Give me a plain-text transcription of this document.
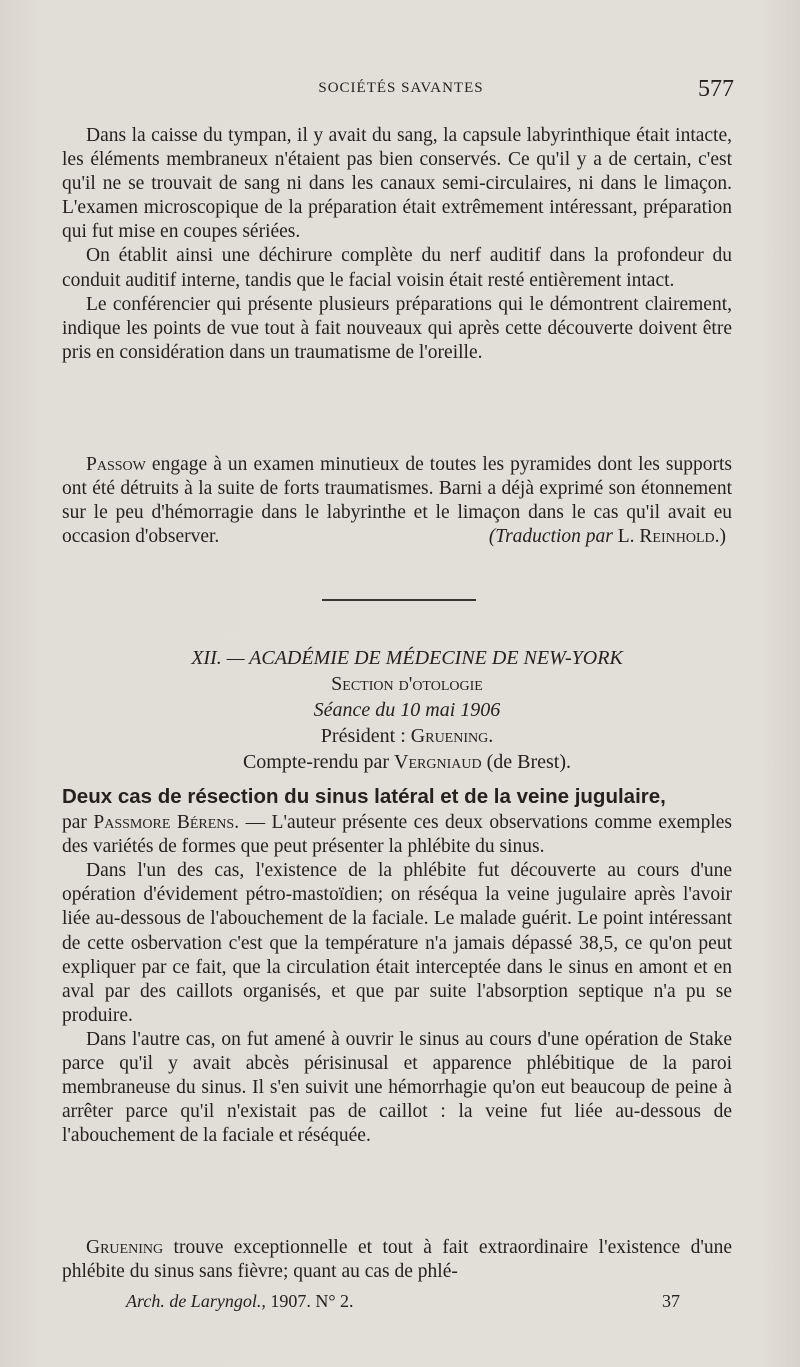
SOCIÉTÉS SAVANTES	577

Dans la caisse du tympan, il y avait du sang, la capsule labyrinthique était intacte, les éléments membraneux n'étaient pas bien conservés. Ce qu'il y a de certain, c'est qu'il ne se trouvait de sang ni dans les canaux semi-circulaires, ni dans le limaçon. L'examen microscopique de la préparation était extrêmement intéressant, préparation qui fut mise en coupes sériées.

On établit ainsi une déchirure complète du nerf auditif dans la profondeur du conduit auditif interne, tandis que le facial voisin était resté entièrement intact.

Le conférencier qui présente plusieurs préparations qui le démontrent clairement, indique les points de vue tout à fait nouveaux qui après cette découverte doivent être pris en considération dans un traumatisme de l'oreille.

Passow engage à un examen minutieux de toutes les pyramides dont les supports ont été détruits à la suite de forts traumatismes. Barni a déjà exprimé son étonnement sur le peu d'hémorragie dans le labyrinthe et le limaçon dans le cas qu'il avait eu occasion d'observer.	(Traduction par L. Reinhold.)
XII. — ACADÉMIE DE MÉDECINE DE NEW-YORK
Section d'otologie
Séance du 10 mai 1906
Président : Gruening.
Compte-rendu par Vergniaud (de Brest).
Deux cas de résection du sinus latéral et de la veine jugulaire,
par Passmore Bérens. — L'auteur présente ces deux observations comme exemples des variétés de formes que peut présenter la phlébite du sinus.

Dans l'un des cas, l'existence de la phlébite fut découverte au cours d'une opération d'évidement pétro-mastoïdien; on réséqua la veine jugulaire après l'avoir liée au-dessous de l'abouchement de la faciale. Le malade guérit. Le point intéressant de cette osbervation c'est que la température n'a jamais dépassé 38,5, ce qu'on peut expliquer par ce fait, que la circulation était interceptée dans le sinus en amont et en aval par des caillots organisés, et que par suite l'absorption septique n'a pu se produire.

Dans l'autre cas, on fut amené à ouvrir le sinus au cours d'une opération de Stake parce qu'il y avait abcès périsinusal et apparence phlébitique de la paroi membraneuse du sinus. Il s'en suivit une hémorrhagie qu'on eut beaucoup de peine à arrêter parce qu'il n'existait pas de caillot : la veine fut liée au-dessous de l'abouchement de la faciale et réséquée.

Gruening trouve exceptionnelle et tout à fait extraordinaire l'existence d'une phlébite du sinus sans fièvre; quant au cas de phlé-

Arch. de Laryngol., 1907. N° 2.	37
